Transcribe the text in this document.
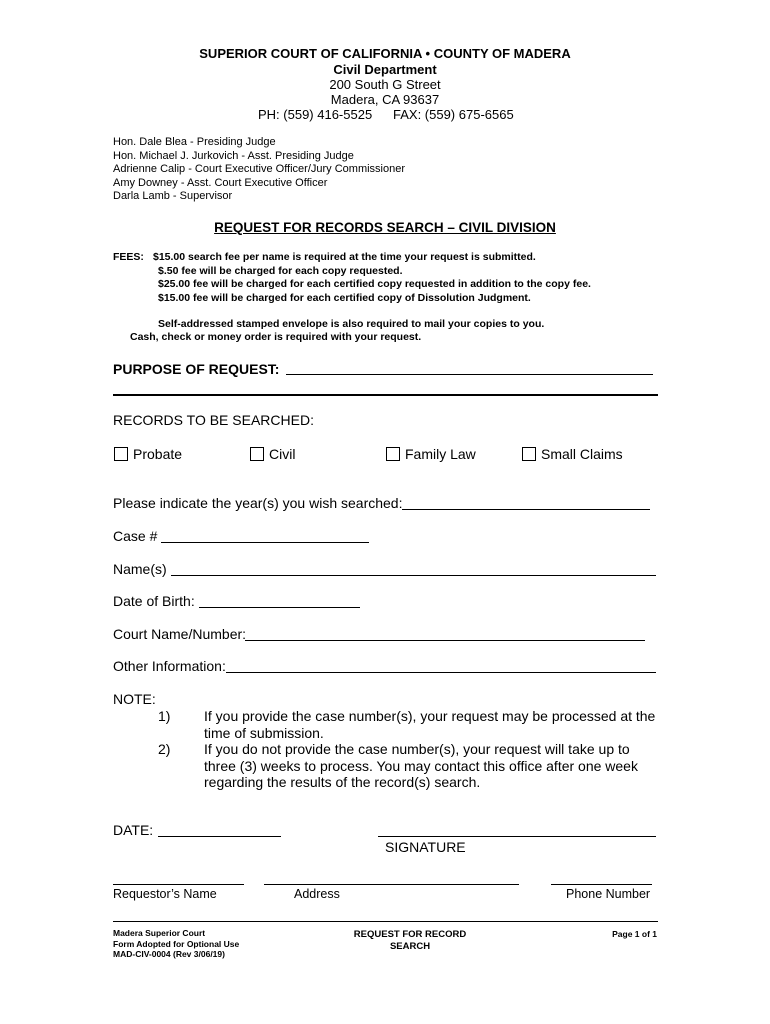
SUPERIOR COURT OF CALIFORNIA • COUNTY OF MADERA
Civil Department
200 South G Street
Madera, CA 93637
PH: (559) 416-5525 FAX: (559) 675-6565
Hon. Dale Blea - Presiding Judge
Hon. Michael J. Jurkovich - Asst. Presiding Judge
Adrienne Calip - Court Executive Officer/Jury Commissioner
Amy Downey - Asst. Court Executive Officer
Darla Lamb - Supervisor
REQUEST FOR RECORDS SEARCH – CIVIL DIVISION
FEES: $15.00 search fee per name is required at the time your request is submitted.
$.50 fee will be charged for each copy requested.
$25.00 fee will be charged for each certified copy requested in addition to the copy fee.
$15.00 fee will be charged for each certified copy of Dissolution Judgment.
Self-addressed stamped envelope is also required to mail your copies to you.
Cash, check or money order is required with your request.
PURPOSE OF REQUEST:
RECORDS TO BE SEARCHED:
Probate	Civil	Family Law	Small Claims
Please indicate the year(s) you wish searched:
Case #
Name(s)
Date of Birth:
Court Name/Number:
Other Information:
NOTE:
1) If you provide the case number(s), your request may be processed at the
time of submission.
2) If you do not provide the case number(s), your request will take up to
three (3) weeks to process. You may contact this office after one week
regarding the results of the record(s) search.
DATE:
SIGNATURE
Requestor’s Name	Address	Phone Number
Madera Superior Court
Form Adopted for Optional Use
MAD-CIV-0004 (Rev 3/06/19)
REQUEST FOR RECORD
SEARCH
Page 1 of 1
